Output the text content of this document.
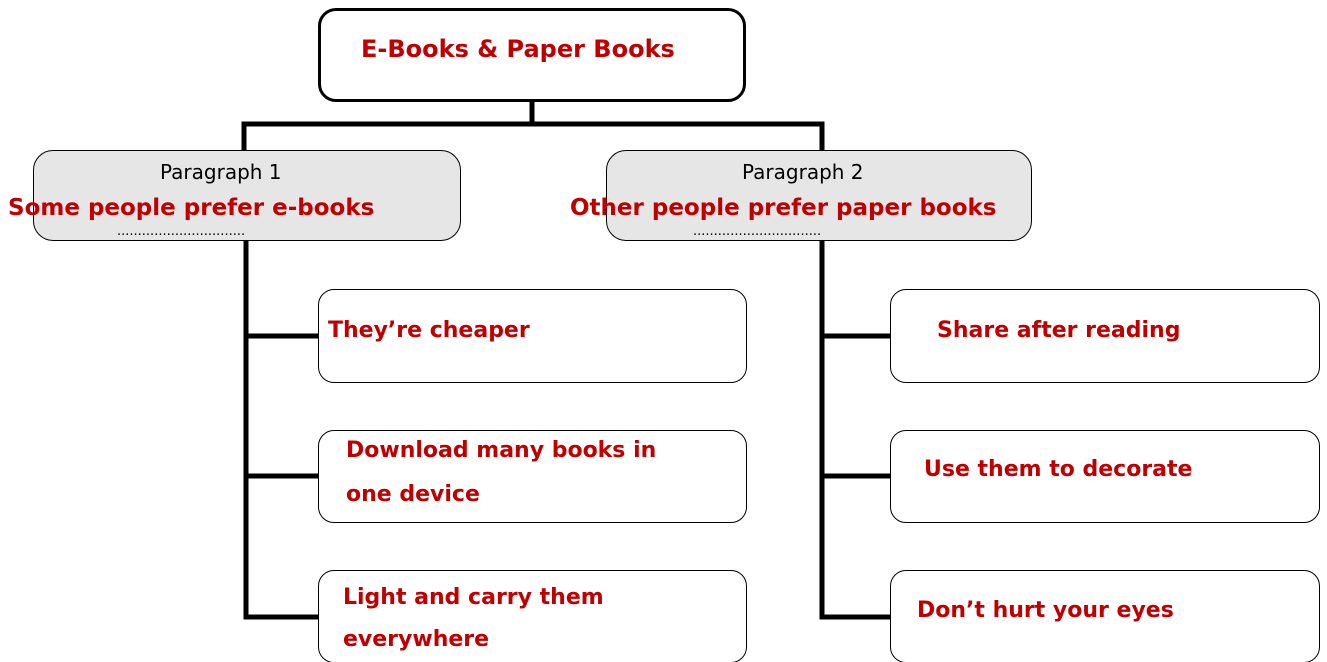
E-Books & Paper Books
Paragraph 1
Some people prefer e-books
...............................
Paragraph 2
Other people prefer paper books
...............................
They’re cheaper
Download many books in
one device
Light and carry them
everywhere
Share after reading
Use them to decorate
Don’t hurt your eyes
